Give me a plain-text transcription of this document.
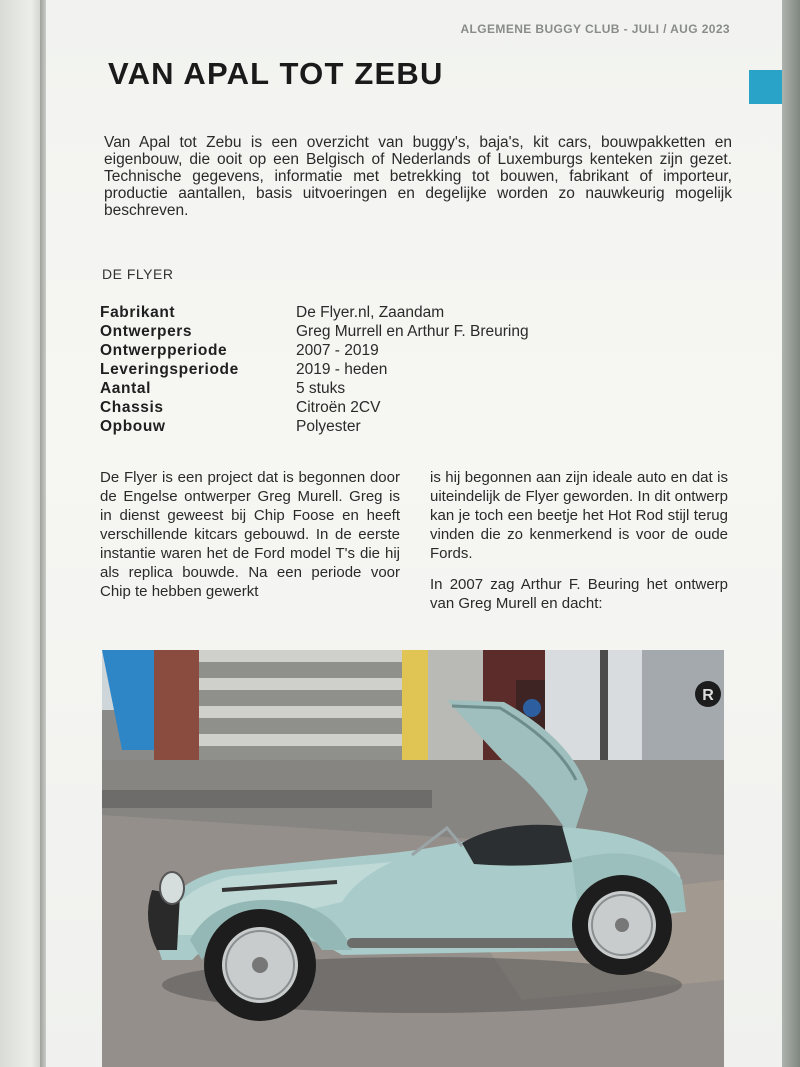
ALGEMENE BUGGY CLUB - JULI / AUG 2023
VAN APAL TOT ZEBU
Van Apal tot Zebu is een overzicht van buggy's, baja's, kit cars, bouwpakketten en eigenbouw, die ooit op een Belgisch of Nederlands of Luxemburgs kenteken zijn gezet. Technische gegevens, informatie met betrekking tot bouwen, fabrikant of importeur, productie aantallen, basis uitvoeringen en degelijke worden zo nauwkeurig mogelijk beschreven.
DE FLYER
Fabrikant	De Flyer.nl, Zaandam
Ontwerpers	Greg Murrell en Arthur F. Breuring
Ontwerpperiode	2007 - 2019
Leveringsperiode	2019 - heden
Aantal	5 stuks
Chassis	Citroën 2CV
Opbouw	Polyester

De Flyer is een project dat is begonnen door de Engelse ontwerper Greg Murell. Greg is in dienst geweest bij Chip Foose en heeft verschillende kitcars gebouwd. In de eerste instantie waren het de Ford model T's die hij als replica bouwde. Na een periode voor Chip te hebben gewerkt

is hij begonnen aan zijn ideale auto en dat is uiteindelijk de Flyer geworden. In dit ontwerp kan je toch een beetje het Hot Rod stijl terug vinden die zo kenmerkend is voor de oude Fords.

In 2007 zag Arthur F. Beuring het ontwerp van Greg Murell en dacht:

R
